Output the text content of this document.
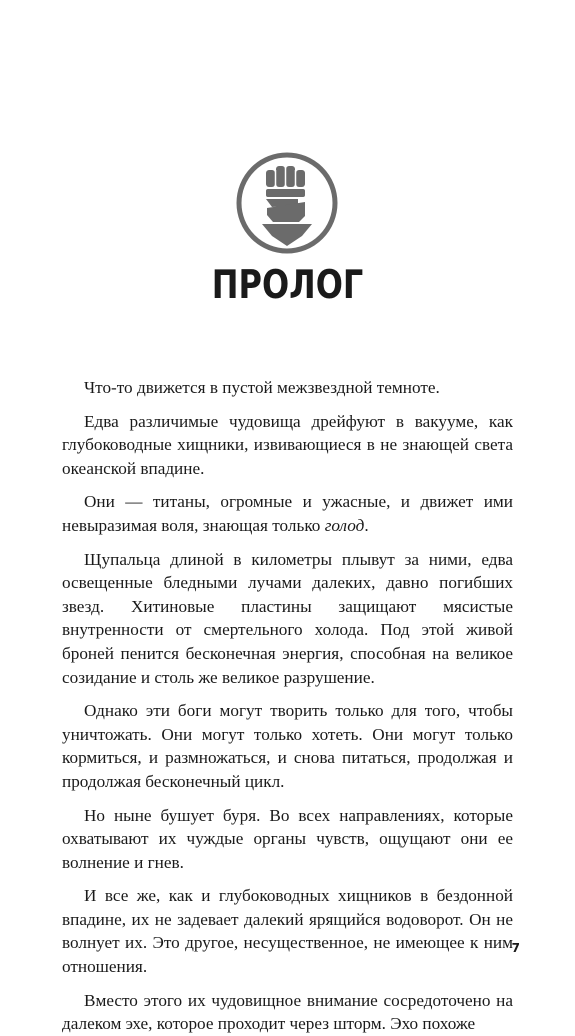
ПРОЛОГ

Что-то движется в пустой межзвездной темноте.

Едва различимые чудовища дрейфуют в вакууме, как глубоководные хищники, извивающиеся в не знающей света океанской впадине.

Они — титаны, огромные и ужасные, и движет ими невыразимая воля, знающая только голод.

Щупальца длиной в километры плывут за ними, едва освещенные бледными лучами далеких, давно погибших звезд. Хитиновые пластины защищают мясистые внутренности от смертельного холода. Под этой живой броней пенится бесконечная энергия, способная на великое созидание и столь же великое разрушение.

Однако эти боги могут творить только для того, чтобы уничтожать. Они могут только хотеть. Они могут только кормиться, и размножаться, и снова питаться, продолжая и продолжая бесконечный цикл.

Но ныне бушует буря. Во всех направлениях, которые охватывают их чуждые органы чувств, ощущают они ее волнение и гнев.

И все же, как и глубоководных хищников в бездонной впадине, их не задевает далекий ярящийся водоворот. Он не волнует их. Это другое, несущественное, не имеющее к ним отношения.

Вместо этого их чудовищное внимание сосредоточено на далеком эхе, которое проходит через шторм. Эхо похоже

7
